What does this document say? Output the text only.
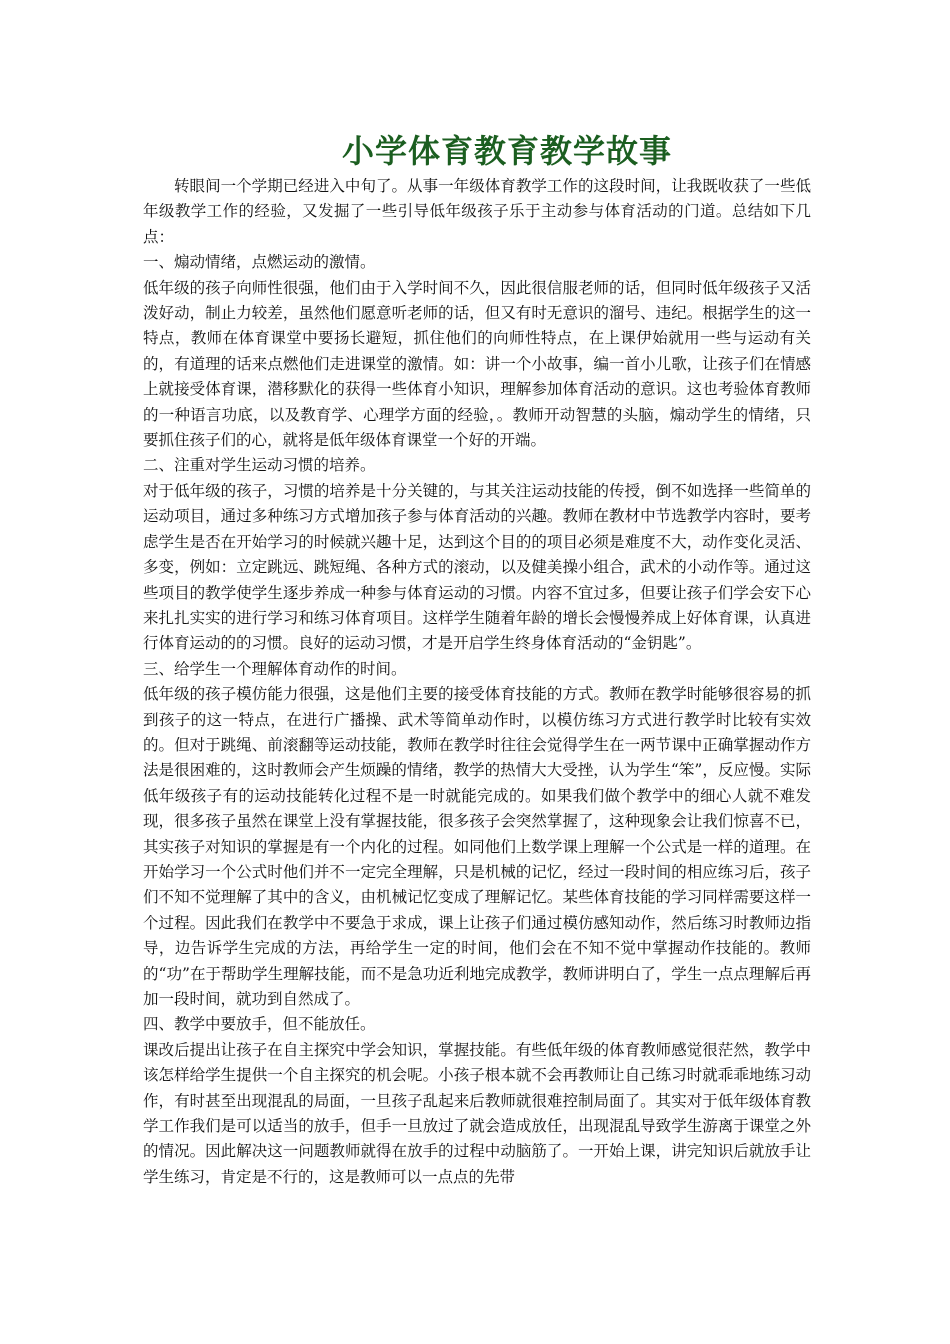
小学体育教育教学故事

转眼间一个学期已经进入中旬了。从事一年级体育教学工作的这段时间，让我既收获了一些低年级教学工作的经验，又发掘了一些引导低年级孩子乐于主动参与体育活动的门道。总结如下几点：

一、煽动情绪，点燃运动的激情。

低年级的孩子向师性很强，他们由于入学时间不久，因此很信服老师的话，但同时低年级孩子又活泼好动，制止力较差，虽然他们愿意听老师的话，但又有时无意识的溜号、违纪。根据学生的这一特点，教师在体育课堂中要扬长避短，抓住他们的向师性特点，在上课伊始就用一些与运动有关的，有道理的话来点燃他们走进课堂的激情。如：讲一个小故事，编一首小儿歌，让孩子们在情感上就接受体育课，潜移默化的获得一些体育小知识，理解参加体育活动的意识。这也考验体育教师的一种语言功底，以及教育学、心理学方面的经验，。教师开动智慧的头脑，煽动学生的情绪，只要抓住孩子们的心，就将是低年级体育课堂一个好的开端。

二、注重对学生运动习惯的培养。

对于低年级的孩子，习惯的培养是十分关键的，与其关注运动技能的传授，倒不如选择一些简单的运动项目，通过多种练习方式增加孩子参与体育活动的兴趣。教师在教材中节选教学内容时，要考虑学生是否在开始学习的时候就兴趣十足，达到这个目的的项目必须是难度不大，动作变化灵活、多变，例如：立定跳远、跳短绳、各种方式的滚动，以及健美操小组合，武术的小动作等。通过这些项目的教学使学生逐步养成一种参与体育运动的习惯。内容不宜过多，但要让孩子们学会安下心来扎扎实实的进行学习和练习体育项目。这样学生随着年龄的增长会慢慢养成上好体育课，认真进行体育运动的的习惯。良好的运动习惯，才是开启学生终身体育活动的“金钥匙”。

三、给学生一个理解体育动作的时间。

低年级的孩子模仿能力很强，这是他们主要的接受体育技能的方式。教师在教学时能够很容易的抓到孩子的这一特点，在进行广播操、武术等简单动作时，以模仿练习方式进行教学时比较有实效的。但对于跳绳、前滚翻等运动技能，教师在教学时往往会觉得学生在一两节课中正确掌握动作方法是很困难的，这时教师会产生烦躁的情绪，教学的热情大大受挫，认为学生“笨”，反应慢。实际低年级孩子有的运动技能转化过程不是一时就能完成的。如果我们做个教学中的细心人就不难发现，很多孩子虽然在课堂上没有掌握技能，很多孩子会突然掌握了，这种现象会让我们惊喜不已，其实孩子对知识的掌握是有一个内化的过程。如同他们上数学课上理解一个公式是一样的道理。在开始学习一个公式时他们并不一定完全理解，只是机械的记忆，经过一段时间的相应练习后，孩子们不知不觉理解了其中的含义，由机械记忆变成了理解记忆。某些体育技能的学习同样需要这样一个过程。因此我们在教学中不要急于求成，课上让孩子们通过模仿感知动作，然后练习时教师边指导，边告诉学生完成的方法，再给学生一定的时间，他们会在不知不觉中掌握动作技能的。教师的“功”在于帮助学生理解技能，而不是急功近利地完成教学，教师讲明白了，学生一点点理解后再加一段时间，就功到自然成了。

四、教学中要放手，但不能放任。

课改后提出让孩子在自主探究中学会知识，掌握技能。有些低年级的体育教师感觉很茫然，教学中该怎样给学生提供一个自主探究的机会呢。小孩子根本就不会再教师让自己练习时就乖乖地练习动作，有时甚至出现混乱的局面，一旦孩子乱起来后教师就很难控制局面了。其实对于低年级体育教学工作我们是可以适当的放手，但手一旦放过了就会造成放任，出现混乱导致学生游离于课堂之外的情况。因此解决这一问题教师就得在放手的过程中动脑筋了。一开始上课，讲完知识后就放手让学生练习，肯定是不行的，这是教师可以一点点的先带
